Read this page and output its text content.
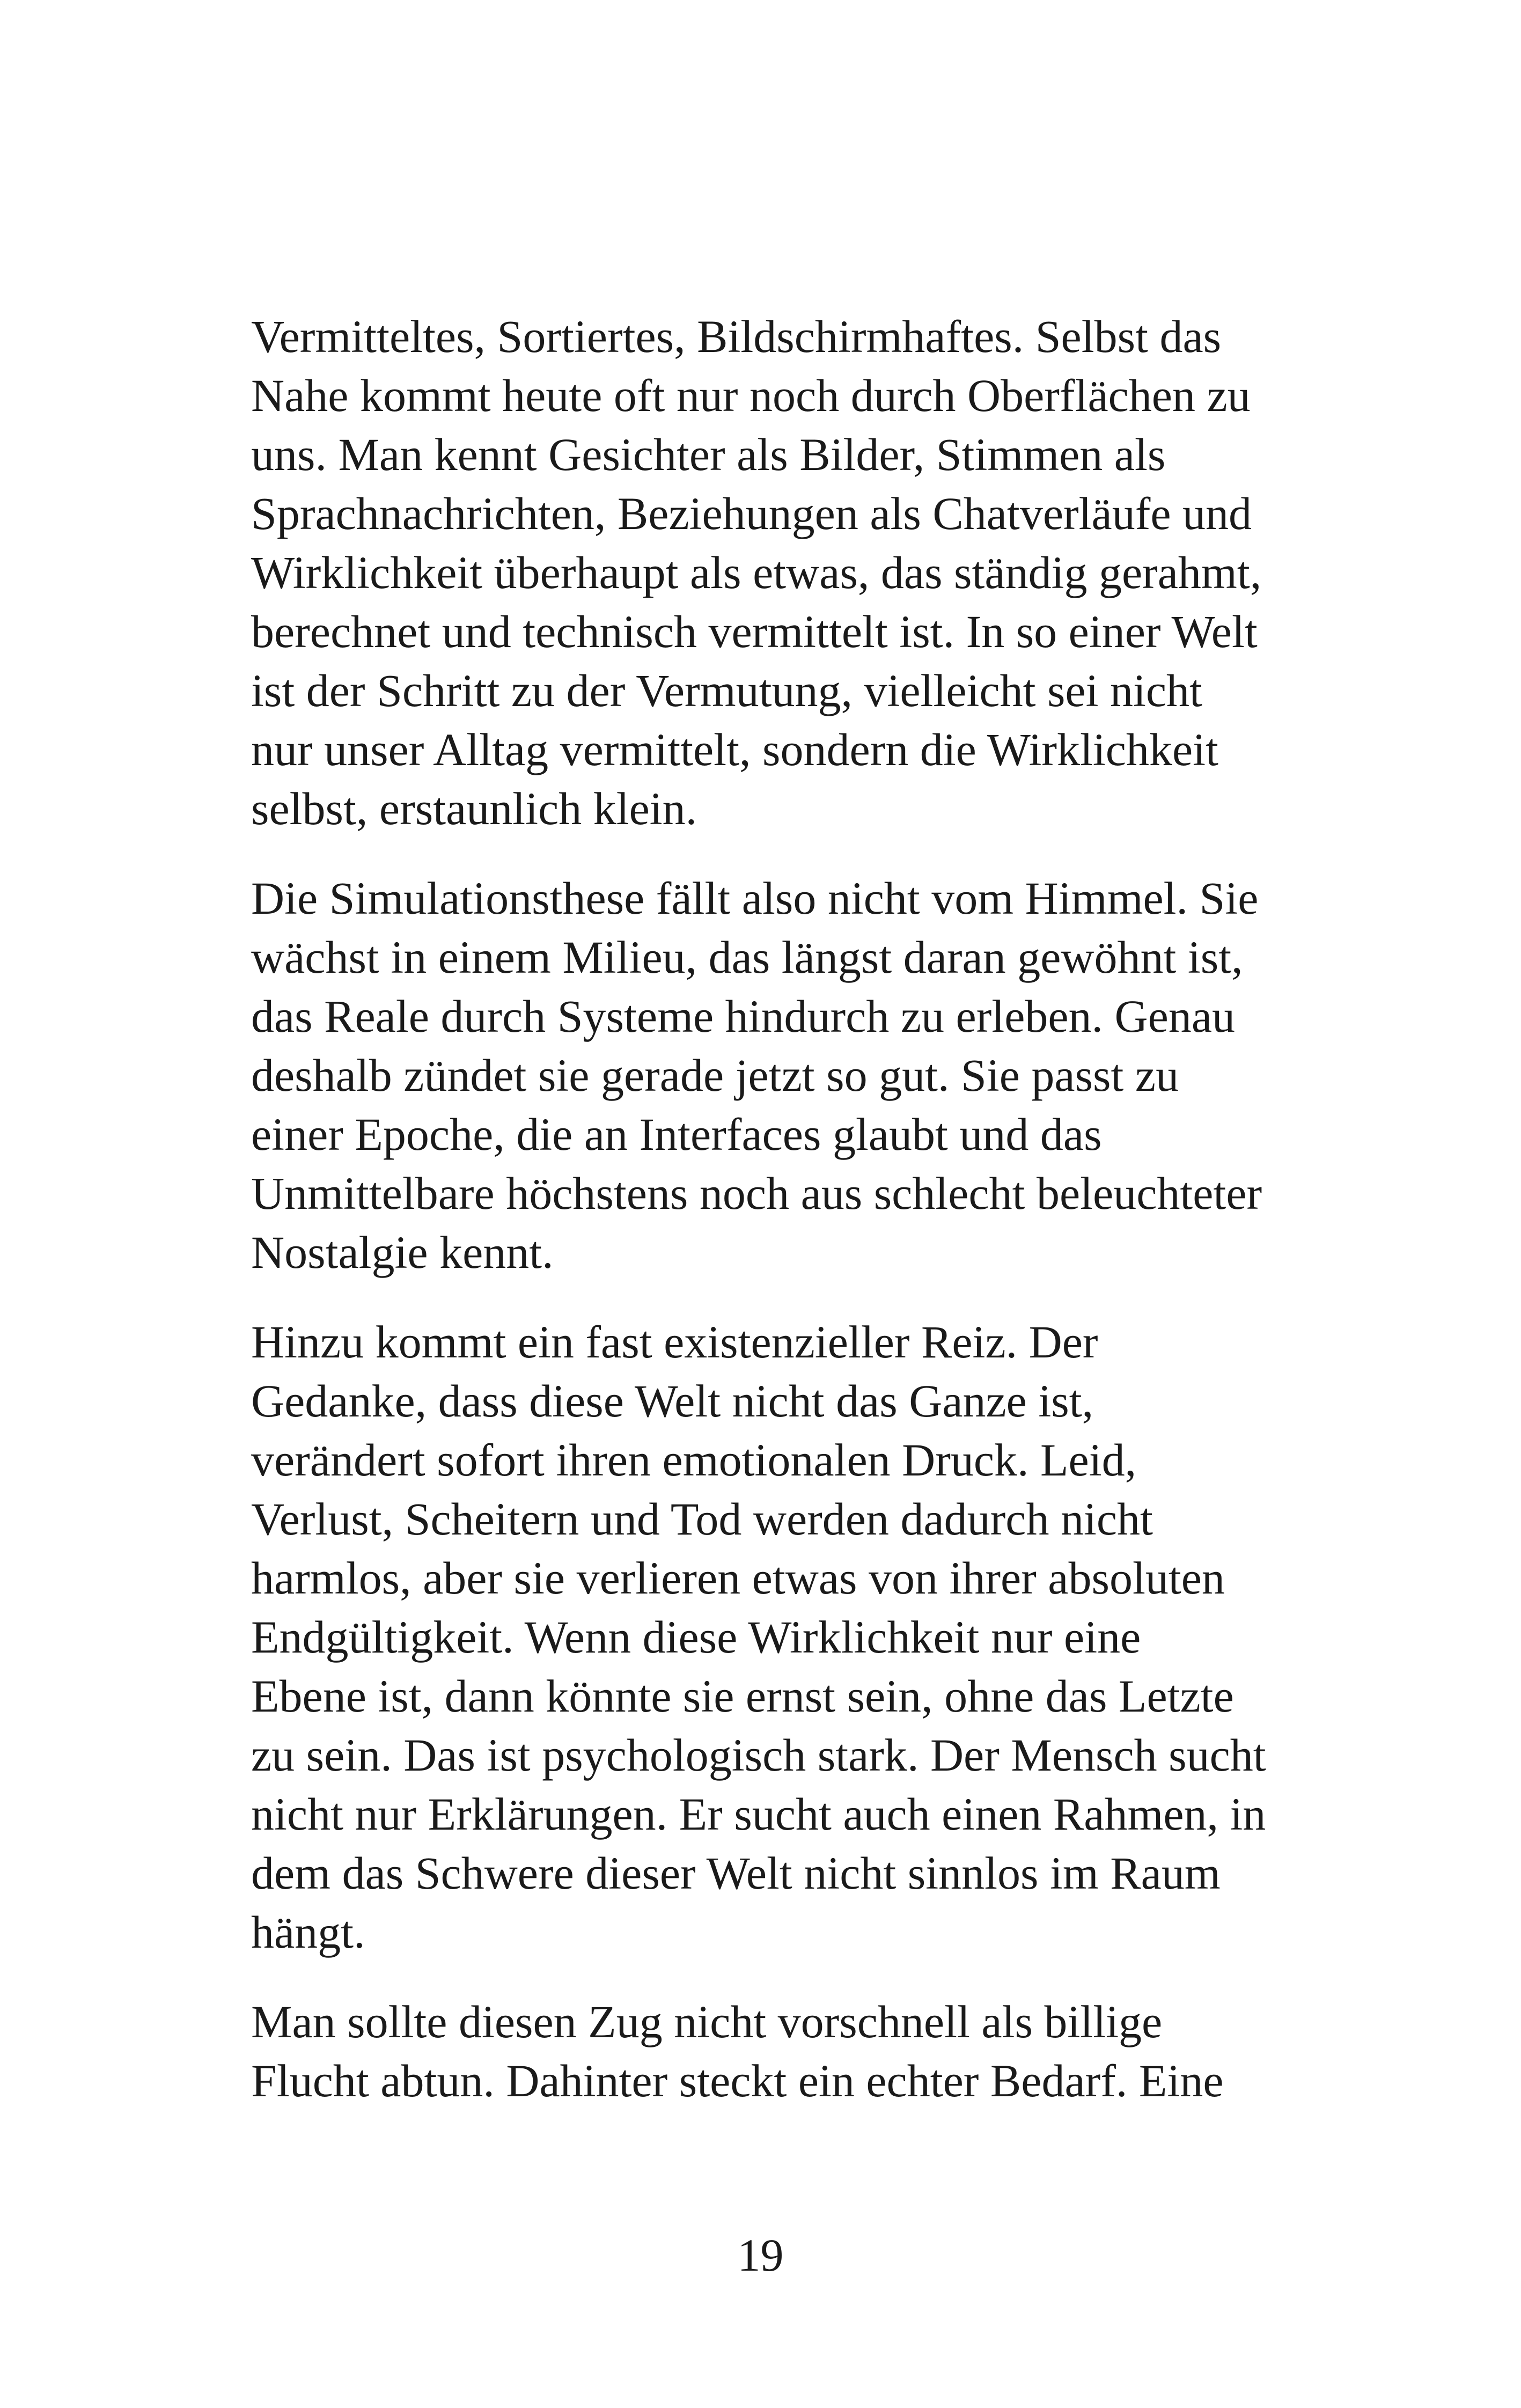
Vermitteltes, Sortiertes, Bildschirmhaftes. Selbst das
Nahe kommt heute oft nur noch durch Oberflächen zu
uns. Man kennt Gesichter als Bilder, Stimmen als
Sprachnachrichten, Beziehungen als Chatverläufe und
Wirklichkeit überhaupt als etwas, das ständig gerahmt,
berechnet und technisch vermittelt ist. In so einer Welt
ist der Schritt zu der Vermutung, vielleicht sei nicht
nur unser Alltag vermittelt, sondern die Wirklichkeit
selbst, erstaunlich klein.

Die Simulationsthese fällt also nicht vom Himmel. Sie
wächst in einem Milieu, das längst daran gewöhnt ist,
das Reale durch Systeme hindurch zu erleben. Genau
deshalb zündet sie gerade jetzt so gut. Sie passt zu
einer Epoche, die an Interfaces glaubt und das
Unmittelbare höchstens noch aus schlecht beleuchteter
Nostalgie kennt.

Hinzu kommt ein fast existenzieller Reiz. Der
Gedanke, dass diese Welt nicht das Ganze ist,
verändert sofort ihren emotionalen Druck. Leid,
Verlust, Scheitern und Tod werden dadurch nicht
harmlos, aber sie verlieren etwas von ihrer absoluten
Endgültigkeit. Wenn diese Wirklichkeit nur eine
Ebene ist, dann könnte sie ernst sein, ohne das Letzte
zu sein. Das ist psychologisch stark. Der Mensch sucht
nicht nur Erklärungen. Er sucht auch einen Rahmen, in
dem das Schwere dieser Welt nicht sinnlos im Raum
hängt.

Man sollte diesen Zug nicht vorschnell als billige
Flucht abtun. Dahinter steckt ein echter Bedarf. Eine

19
